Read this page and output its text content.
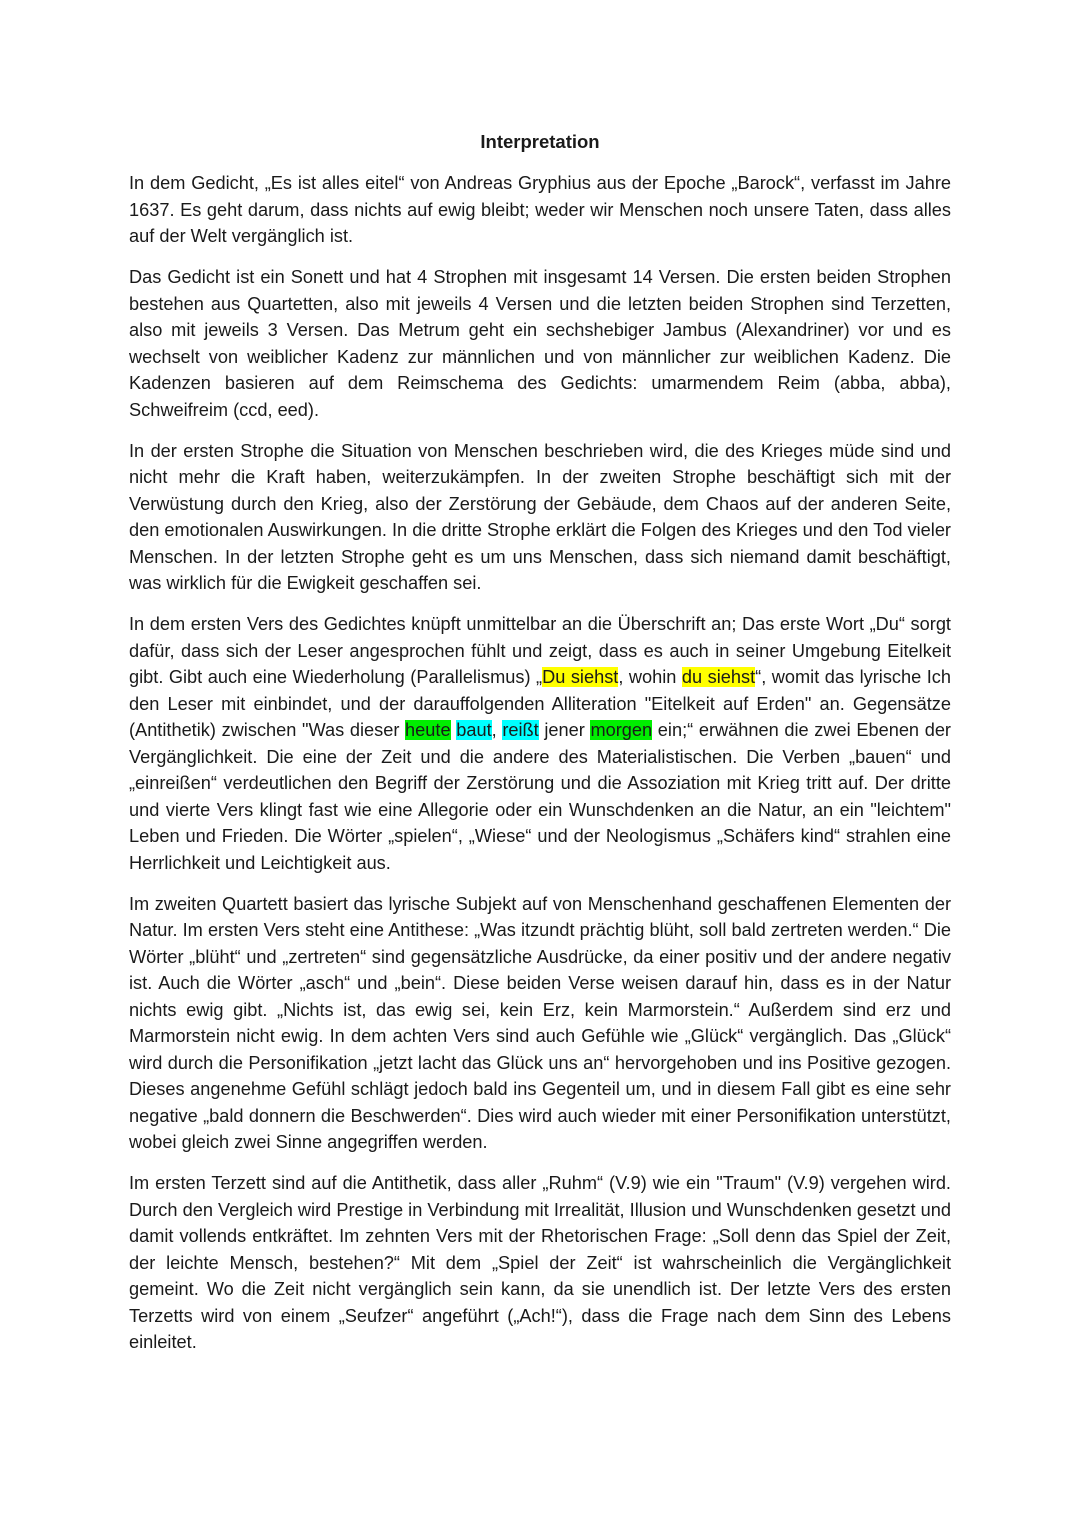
Interpretation

In dem Gedicht, „Es ist alles eitel“ von Andreas Gryphius aus der Epoche „Barock“, verfasst im Jahre 1637. Es geht darum, dass nichts auf ewig bleibt; weder wir Menschen noch unsere Taten, dass alles auf der Welt vergänglich ist.

Das Gedicht ist ein Sonett und hat 4 Strophen mit insgesamt 14 Versen. Die ersten beiden Strophen bestehen aus Quartetten, also mit jeweils 4 Versen und die letzten beiden Strophen sind Terzetten, also mit jeweils 3 Versen. Das Metrum geht ein sechshebiger Jambus (Alexandriner) vor und es wechselt von weiblicher Kadenz zur männlichen und von männlicher zur weiblichen Kadenz. Die Kadenzen basieren auf dem Reimschema des Gedichts: umarmendem Reim (abba, abba), Schweifreim (ccd, eed).

In der ersten Strophe die Situation von Menschen beschrieben wird, die des Krieges müde sind und nicht mehr die Kraft haben, weiterzukämpfen. In der zweiten Strophe beschäftigt sich mit der Verwüstung durch den Krieg, also der Zerstörung der Gebäude, dem Chaos auf der anderen Seite, den emotionalen Auswirkungen. In die dritte Strophe erklärt die Folgen des Krieges und den Tod vieler Menschen. In der letzten Strophe geht es um uns Menschen, dass sich niemand damit beschäftigt, was wirklich für die Ewigkeit geschaffen sei.

In dem ersten Vers des Gedichtes knüpft unmittelbar an die Überschrift an; Das erste Wort „Du“ sorgt dafür, dass sich der Leser angesprochen fühlt und zeigt, dass es auch in seiner Umgebung Eitelkeit gibt. Gibt auch eine Wiederholung (Parallelismus) „Du siehst, wohin du siehst“, womit das lyrische Ich den Leser mit einbindet, und der darauffolgenden Alliteration "Eitelkeit auf Erden" an. Gegensätze (Antithetik) zwischen "Was dieser heute baut, reißt jener morgen ein;“ erwähnen die zwei Ebenen der Vergänglichkeit. Die eine der Zeit und die andere des Materialistischen. Die Verben „bauen“ und „einreißen“ verdeutlichen den Begriff der Zerstörung und die Assoziation mit Krieg tritt auf. Der dritte und vierte Vers klingt fast wie eine Allegorie oder ein Wunschdenken an die Natur, an ein "leichtem" Leben und Frieden. Die Wörter „spielen“, „Wiese“ und der Neologismus „Schäfers kind“ strahlen eine Herrlichkeit und Leichtigkeit aus.

Im zweiten Quartett basiert das lyrische Subjekt auf von Menschenhand geschaffenen Elementen der Natur. Im ersten Vers steht eine Antithese: „Was itzundt prächtig blüht, soll bald zertreten werden.“ Die Wörter „blüht“ und „zertreten“ sind gegensätzliche Ausdrücke, da einer positiv und der andere negativ ist. Auch die Wörter „asch“ und „bein“. Diese beiden Verse weisen darauf hin, dass es in der Natur nichts ewig gibt. „Nichts ist, das ewig sei, kein Erz, kein Marmorstein.“ Außerdem sind erz und Marmorstein nicht ewig. In dem achten Vers sind auch Gefühle wie „Glück“ vergänglich. Das „Glück“ wird durch die Personifikation „jetzt lacht das Glück uns an“ hervorgehoben und ins Positive gezogen. Dieses angenehme Gefühl schlägt jedoch bald ins Gegenteil um, und in diesem Fall gibt es eine sehr negative „bald donnern die Beschwerden“. Dies wird auch wieder mit einer Personifikation unterstützt, wobei gleich zwei Sinne angegriffen werden.

Im ersten Terzett sind auf die Antithetik, dass aller „Ruhm“ (V.9) wie ein "Traum" (V.9) vergehen wird. Durch den Vergleich wird Prestige in Verbindung mit Irrealität, Illusion und Wunschdenken gesetzt und damit vollends entkräftet. Im zehnten Vers mit der Rhetorischen Frage: „Soll denn das Spiel der Zeit, der leichte Mensch, bestehen?“ Mit dem „Spiel der Zeit“ ist wahrscheinlich die Vergänglichkeit gemeint. Wo die Zeit nicht vergänglich sein kann, da sie unendlich ist. Der letzte Vers des ersten Terzetts wird von einem „Seufzer“ angeführt („Ach!“), dass die Frage nach dem Sinn des Lebens einleitet.
